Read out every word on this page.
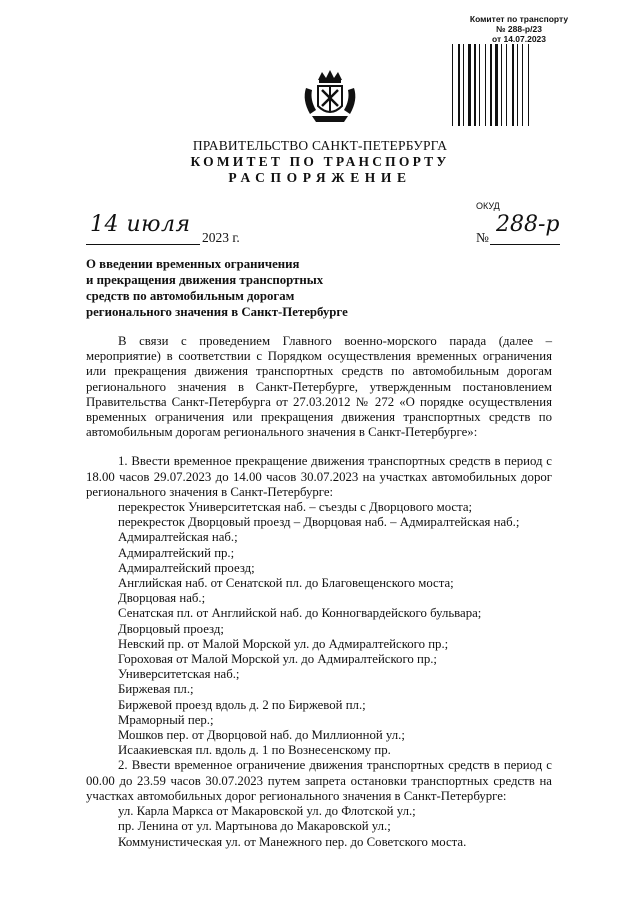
Комитет по транспорту
№ 288-р/23
от 14.07.2023
ПРАВИТЕЛЬСТВО САНКТ-ПЕТЕРБУРГА
КОМИТЕТ ПО ТРАНСПОРТУ
РАСПОРЯЖЕНИЕ
ОКУД
14 июля
2023 г.	№
288-р
О введении временных ограничения
и прекращения движения транспортных
средств по автомобильным дорогам
регионального значения в Санкт-Петербурге

В связи с проведением Главного военно-морского парада (далее – мероприятие) в соответствии с Порядком осуществления временных ограничения или прекращения движения транспортных средств по автомобильным дорогам регионального значения в Санкт-Петербурге, утвержденным постановлением Правительства Санкт-Петербурга от 27.03.2012 № 272 «О порядке осуществления временных ограничения или прекращения движения транспортных средств по автомобильным дорогам регионального значения в Санкт-Петербурге»:

1. Ввести временное прекращение движения транспортных средств в период с 18.00 часов 29.07.2023 до 14.00 часов 30.07.2023 на участках автомобильных дорог регионального значения в Санкт-Петербурге:

перекресток Университетская наб. – съезды с Дворцового моста;

перекресток Дворцовый проезд – Дворцовая наб. – Адмиралтейская наб.;

Адмиралтейская наб.;

Адмиралтейский пр.;

Адмиралтейский проезд;

Английская наб. от Сенатской пл. до Благовещенского моста;

Дворцовая наб.;

Сенатская пл. от Английской наб. до Конногвардейского бульвара;

Дворцовый проезд;

Невский пр. от Малой Морской ул. до Адмиралтейского пр.;

Гороховая от Малой Морской ул. до Адмиралтейского пр.;

Университетская наб.;

Биржевая пл.;

Биржевой проезд вдоль д. 2 по Биржевой пл.;

Мраморный пер.;

Мошков пер. от Дворцовой наб. до Миллионной ул.;

Исаакиевская пл. вдоль д. 1 по Вознесенскому пр.

2. Ввести временное ограничение движения транспортных средств в период с 00.00 до 23.59 часов 30.07.2023 путем запрета остановки транспортных средств на участках автомобильных дорог регионального значения в Санкт-Петербурге:

ул. Карла Маркса от Макаровской ул. до Флотской ул.;

пр. Ленина от ул. Мартынова до Макаровской ул.;

Коммунистическая ул. от Манежного пер. до Советского моста.
